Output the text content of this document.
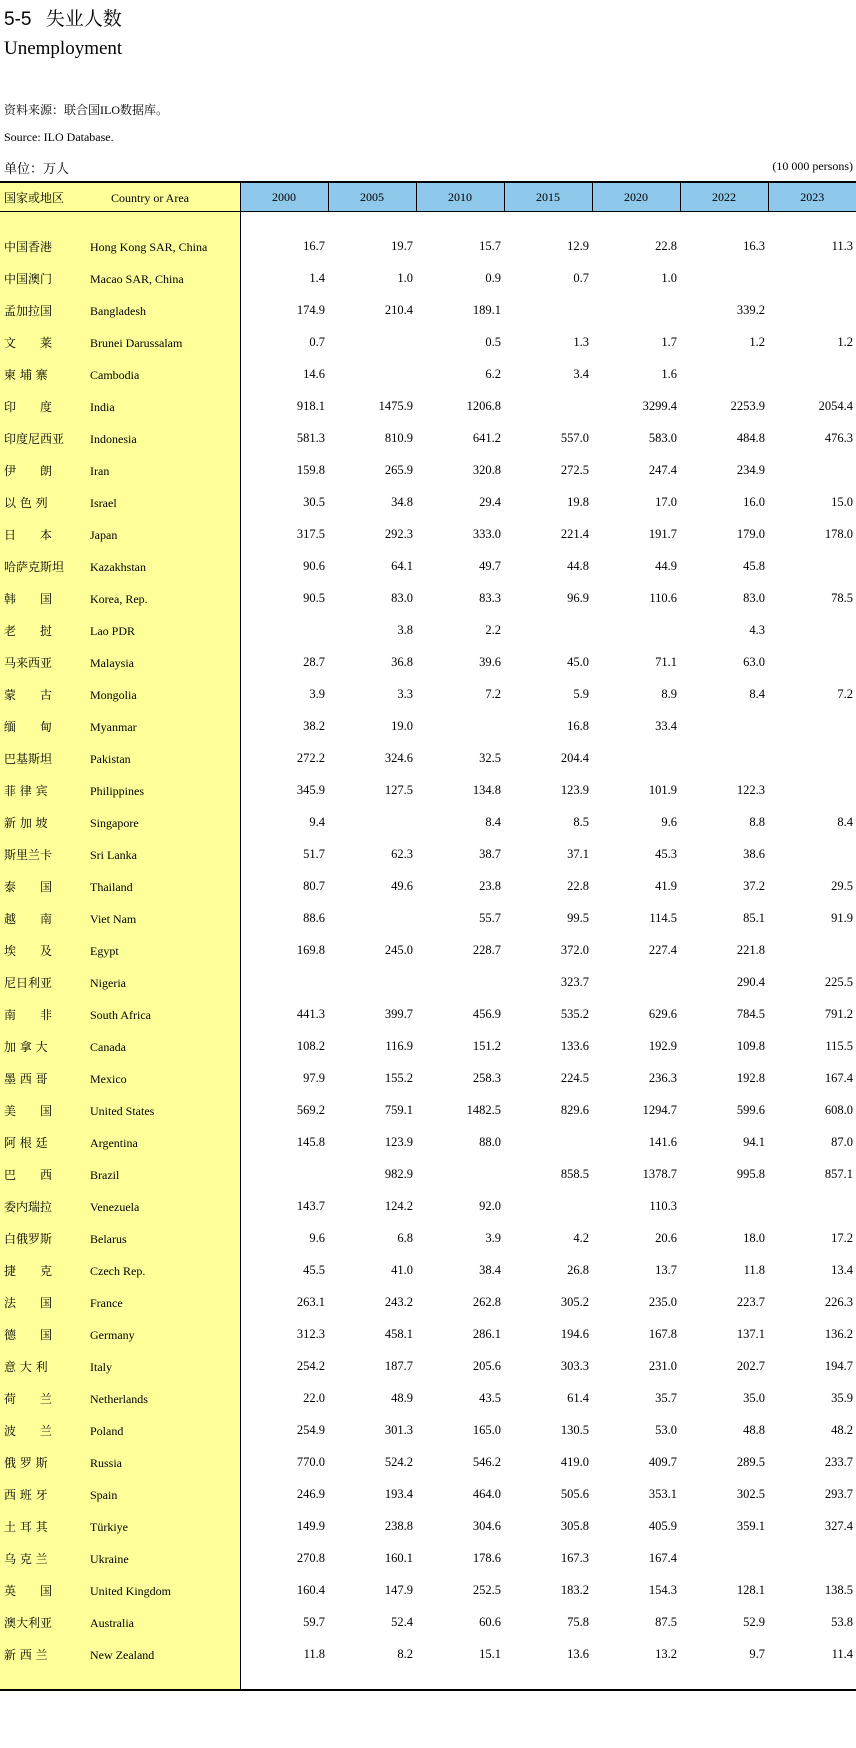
5-5 失业人数
Unemployment
资料来源：联合国ILO数据库。
Source: ILO Database.
单位：万人	(10 000 persons)
国家或地区 Country or Area	2000	2005	2010	2015	2020	2022	2023

中国香港 Hong Kong SAR, China	16.7	19.7	15.7	12.9	22.8	16.3	11.3
中国澳门 Macao SAR, China	1.4	1.0	0.9	0.7	1.0		
孟加拉国 Bangladesh	174.9	210.4	189.1			339.2	
文　　莱 Brunei Darussalam	0.7		0.5	1.3	1.7	1.2	1.2
柬 埔 寨 Cambodia	14.6		6.2	3.4	1.6		
印　　度 India	918.1	1475.9	1206.8		3299.4	2253.9	2054.4
印度尼西亚 Indonesia	581.3	810.9	641.2	557.0	583.0	484.8	476.3
伊　　朗 Iran	159.8	265.9	320.8	272.5	247.4	234.9	
以 色 列 Israel	30.5	34.8	29.4	19.8	17.0	16.0	15.0
日　　本 Japan	317.5	292.3	333.0	221.4	191.7	179.0	178.0
哈萨克斯坦 Kazakhstan	90.6	64.1	49.7	44.8	44.9	45.8	
韩　　国 Korea, Rep.	90.5	83.0	83.3	96.9	110.6	83.0	78.5
老　　挝 Lao PDR		3.8	2.2			4.3	
马来西亚 Malaysia	28.7	36.8	39.6	45.0	71.1	63.0	
蒙　　古 Mongolia	3.9	3.3	7.2	5.9	8.9	8.4	7.2
缅　　甸 Myanmar	38.2	19.0		16.8	33.4		
巴基斯坦 Pakistan	272.2	324.6	32.5	204.4			
菲 律 宾 Philippines	345.9	127.5	134.8	123.9	101.9	122.3	
新 加 坡 Singapore	9.4		8.4	8.5	9.6	8.8	8.4
斯里兰卡 Sri Lanka	51.7	62.3	38.7	37.1	45.3	38.6	
泰　　国 Thailand	80.7	49.6	23.8	22.8	41.9	37.2	29.5
越　　南 Viet Nam	88.6		55.7	99.5	114.5	85.1	91.9
埃　　及 Egypt	169.8	245.0	228.7	372.0	227.4	221.8	
尼日利亚 Nigeria				323.7		290.4	225.5
南　　非 South Africa	441.3	399.7	456.9	535.2	629.6	784.5	791.2
加 拿 大 Canada	108.2	116.9	151.2	133.6	192.9	109.8	115.5
墨 西 哥 Mexico	97.9	155.2	258.3	224.5	236.3	192.8	167.4
美　　国 United States	569.2	759.1	1482.5	829.6	1294.7	599.6	608.0
阿 根 廷 Argentina	145.8	123.9	88.0		141.6	94.1	87.0
巴　　西 Brazil		982.9		858.5	1378.7	995.8	857.1
委内瑞拉 Venezuela	143.7	124.2	92.0		110.3		
白俄罗斯 Belarus	9.6	6.8	3.9	4.2	20.6	18.0	17.2
捷　　克 Czech Rep.	45.5	41.0	38.4	26.8	13.7	11.8	13.4
法　　国 France	263.1	243.2	262.8	305.2	235.0	223.7	226.3
德　　国 Germany	312.3	458.1	286.1	194.6	167.8	137.1	136.2
意 大 利 Italy	254.2	187.7	205.6	303.3	231.0	202.7	194.7
荷　　兰 Netherlands	22.0	48.9	43.5	61.4	35.7	35.0	35.9
波　　兰 Poland	254.9	301.3	165.0	130.5	53.0	48.8	48.2
俄 罗 斯 Russia	770.0	524.2	546.2	419.0	409.7	289.5	233.7
西 班 牙 Spain	246.9	193.4	464.0	505.6	353.1	302.5	293.7
土 耳 其 Türkiye	149.9	238.8	304.6	305.8	405.9	359.1	327.4
乌 克 兰 Ukraine	270.8	160.1	178.6	167.3	167.4		
英　　国 United Kingdom	160.4	147.9	252.5	183.2	154.3	128.1	138.5
澳大利亚 Australia	59.7	52.4	60.6	75.8	87.5	52.9	53.8
新 西 兰 New Zealand	11.8	8.2	15.1	13.6	13.2	9.7	11.4
